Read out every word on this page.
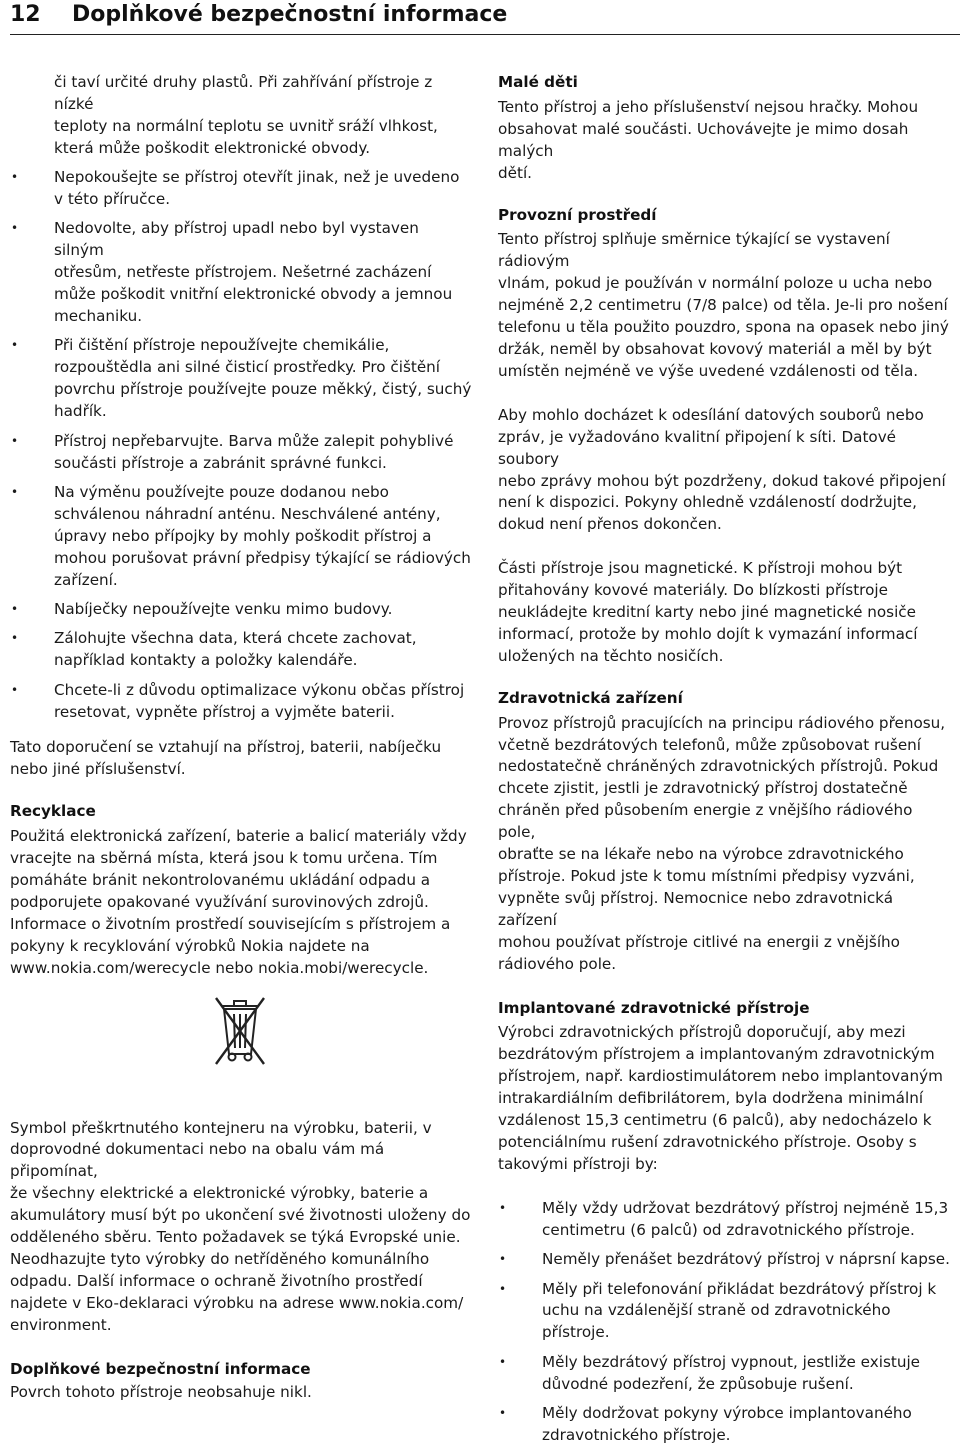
12 Doplňkové bezpečnostní informace

či taví určité druhy plastů. Při zahřívání přístroje z nízké
teploty na normální teplotu se uvnitř sráží vlhkost,
která může poškodit elektronické obvody.

• Nepokoušejte se přístroj otevřít jinak, než je uvedeno
v této příručce.
• Nedovolte, aby přístroj upadl nebo byl vystaven silným
otřesům, netřeste přístrojem. Nešetrné zacházení
může poškodit vnitřní elektronické obvody a jemnou
mechaniku.
• Při čištění přístroje nepoužívejte chemikálie,
rozpouštědla ani silné čisticí prostředky. Pro čištění
povrchu přístroje používejte pouze měkký, čistý, suchý
hadřík.
• Přístroj nepřebarvujte. Barva může zalepit pohyblivé
součásti přístroje a zabránit správné funkci.
• Na výměnu používejte pouze dodanou nebo
schválenou náhradní anténu. Neschválené antény,
úpravy nebo přípojky by mohly poškodit přístroj a
mohou porušovat právní předpisy týkající se rádiových
zařízení.
• Nabíječky nepoužívejte venku mimo budovy.
• Zálohujte všechna data, která chcete zachovat,
například kontakty a položky kalendáře.
• Chcete-li z důvodu optimalizace výkonu občas přístroj
resetovat, vypněte přístroj a vyjměte baterii.

Tato doporučení se vztahují na přístroj, baterii, nabíječku
nebo jiné příslušenství.

Recyklace

Použitá elektronická zařízení, baterie a balicí materiály vždy
vracejte na sběrná místa, která jsou k tomu určena. Tím
pomáháte bránit nekontrolovanému ukládání odpadu a
podporujete opakované využívání surovinových zdrojů.
Informace o životním prostředí souvisejícím s přístrojem a
pokyny k recyklování výrobků Nokia najdete na
www.nokia.com/werecycle nebo nokia.mobi/werecycle.

Symbol přeškrtnutého kontejneru na výrobku, baterii, v
doprovodné dokumentaci nebo na obalu vám má připomínat,
že všechny elektrické a elektronické výrobky, baterie a
akumulátory musí být po ukončení své životnosti uloženy do
odděleného sběru. Tento požadavek se týká Evropské unie.
Neodhazujte tyto výrobky do netříděného komunálního
odpadu. Další informace o ochraně životního prostředí
najdete v Eko-deklaraci výrobku na adrese www.nokia.com/
environment.

Doplňkové bezpečnostní informace

Povrch tohoto přístroje neobsahuje nikl.

Malé děti

Tento přístroj a jeho příslušenství nejsou hračky. Mohou
obsahovat malé součásti. Uchovávejte je mimo dosah malých
dětí.

Provozní prostředí

Tento přístroj splňuje směrnice týkající se vystavení rádiovým
vlnám, pokud je používán v normální poloze u ucha nebo
nejméně 2,2 centimetru (7/8 palce) od těla. Je-li pro nošení
telefonu u těla použito pouzdro, spona na opasek nebo jiný
držák, neměl by obsahovat kovový materiál a měl by být
umístěn nejméně ve výše uvedené vzdálenosti od těla.

Aby mohlo docházet k odesílání datových souborů nebo
zpráv, je vyžadováno kvalitní připojení k síti. Datové soubory
nebo zprávy mohou být pozdrženy, dokud takové připojení
není k dispozici. Pokyny ohledně vzdáleností dodržujte,
dokud není přenos dokončen.

Části přístroje jsou magnetické. K přístroji mohou být
přitahovány kovové materiály. Do blízkosti přístroje
neukládejte kreditní karty nebo jiné magnetické nosiče
informací, protože by mohlo dojít k vymazání informací
uložených na těchto nosičích.

Zdravotnická zařízení

Provoz přístrojů pracujících na principu rádiového přenosu,
včetně bezdrátových telefonů, může způsobovat rušení
nedostatečně chráněných zdravotnických přístrojů. Pokud
chcete zjistit, jestli je zdravotnický přístroj dostatečně
chráněn před působením energie z vnějšího rádiového pole,
obraťte se na lékaře nebo na výrobce zdravotnického
přístroje. Pokud jste k tomu místními předpisy vyzváni,
vypněte svůj přístroj. Nemocnice nebo zdravotnická zařízení
mohou používat přístroje citlivé na energii z vnějšího
rádiového pole.

Implantované zdravotnické přístroje

Výrobci zdravotnických přístrojů doporučují, aby mezi
bezdrátovým přístrojem a implantovaným zdravotnickým
přístrojem, např. kardiostimulátorem nebo implantovaným
intrakardiálním defibrilátorem, byla dodržena minimální
vzdálenost 15,3 centimetru (6 palců), aby nedocházelo k
potenciálnímu rušení zdravotnického přístroje. Osoby s
takovými přístroji by:

• Měly vždy udržovat bezdrátový přístroj nejméně 15,3
centimetru (6 palců) od zdravotnického přístroje.
• Neměly přenášet bezdrátový přístroj v náprsní kapse.
• Měly při telefonování přikládat bezdrátový přístroj k
uchu na vzdálenější straně od zdravotnického přístroje.
• Měly bezdrátový přístroj vypnout, jestliže existuje
důvodné podezření, že způsobuje rušení.
• Měly dodržovat pokyny výrobce implantovaného
zdravotnického přístroje.
